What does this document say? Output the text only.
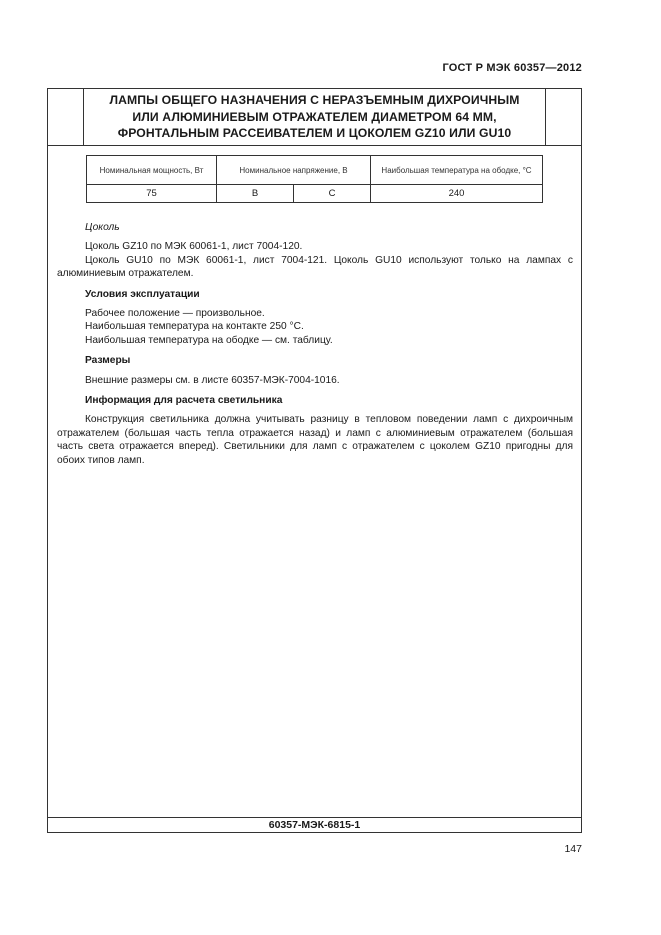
ГОСТ Р МЭК 60357—2012
ЛАМПЫ ОБЩЕГО НАЗНАЧЕНИЯ С НЕРАЗЪЕМНЫМ ДИХРОИЧНЫМ
ИЛИ АЛЮМИНИЕВЫМ ОТРАЖАТЕЛЕМ ДИАМЕТРОМ 64 ММ,
ФРОНТАЛЬНЫМ РАССЕИВАТЕЛЕМ И ЦОКОЛЕМ GZ10 ИЛИ GU10
60357-МЭК-6815-1
Номинальная мощность, Вт	Номинальное напряжение, В		Наибольшая температура на ободке, °С
75	В	С	240

Цоколь

Цоколь GZ10 по МЭК 60061-1, лист 7004-120.

Цоколь GU10 по МЭК 60061-1, лист 7004-121. Цоколь GU10 используют только на лампах с алюминиевым отражателем.

Условия эксплуатации

Рабочее положение — произвольное.

Наибольшая температура на контакте 250 °С.

Наибольшая температура на ободке — см. таблицу.

Размеры

Внешние размеры см. в листе 60357-МЭК-7004-1016.

Информация для расчета светильника

Конструкция светильника должна учитывать разницу в тепловом поведении ламп с дихроичным отражателем (большая часть тепла отражается назад) и ламп с алюминиевым отражателем (большая часть света отражается вперед). Светильники для ламп с отражателем с цоколем GZ10 пригодны для обоих типов ламп.

147
